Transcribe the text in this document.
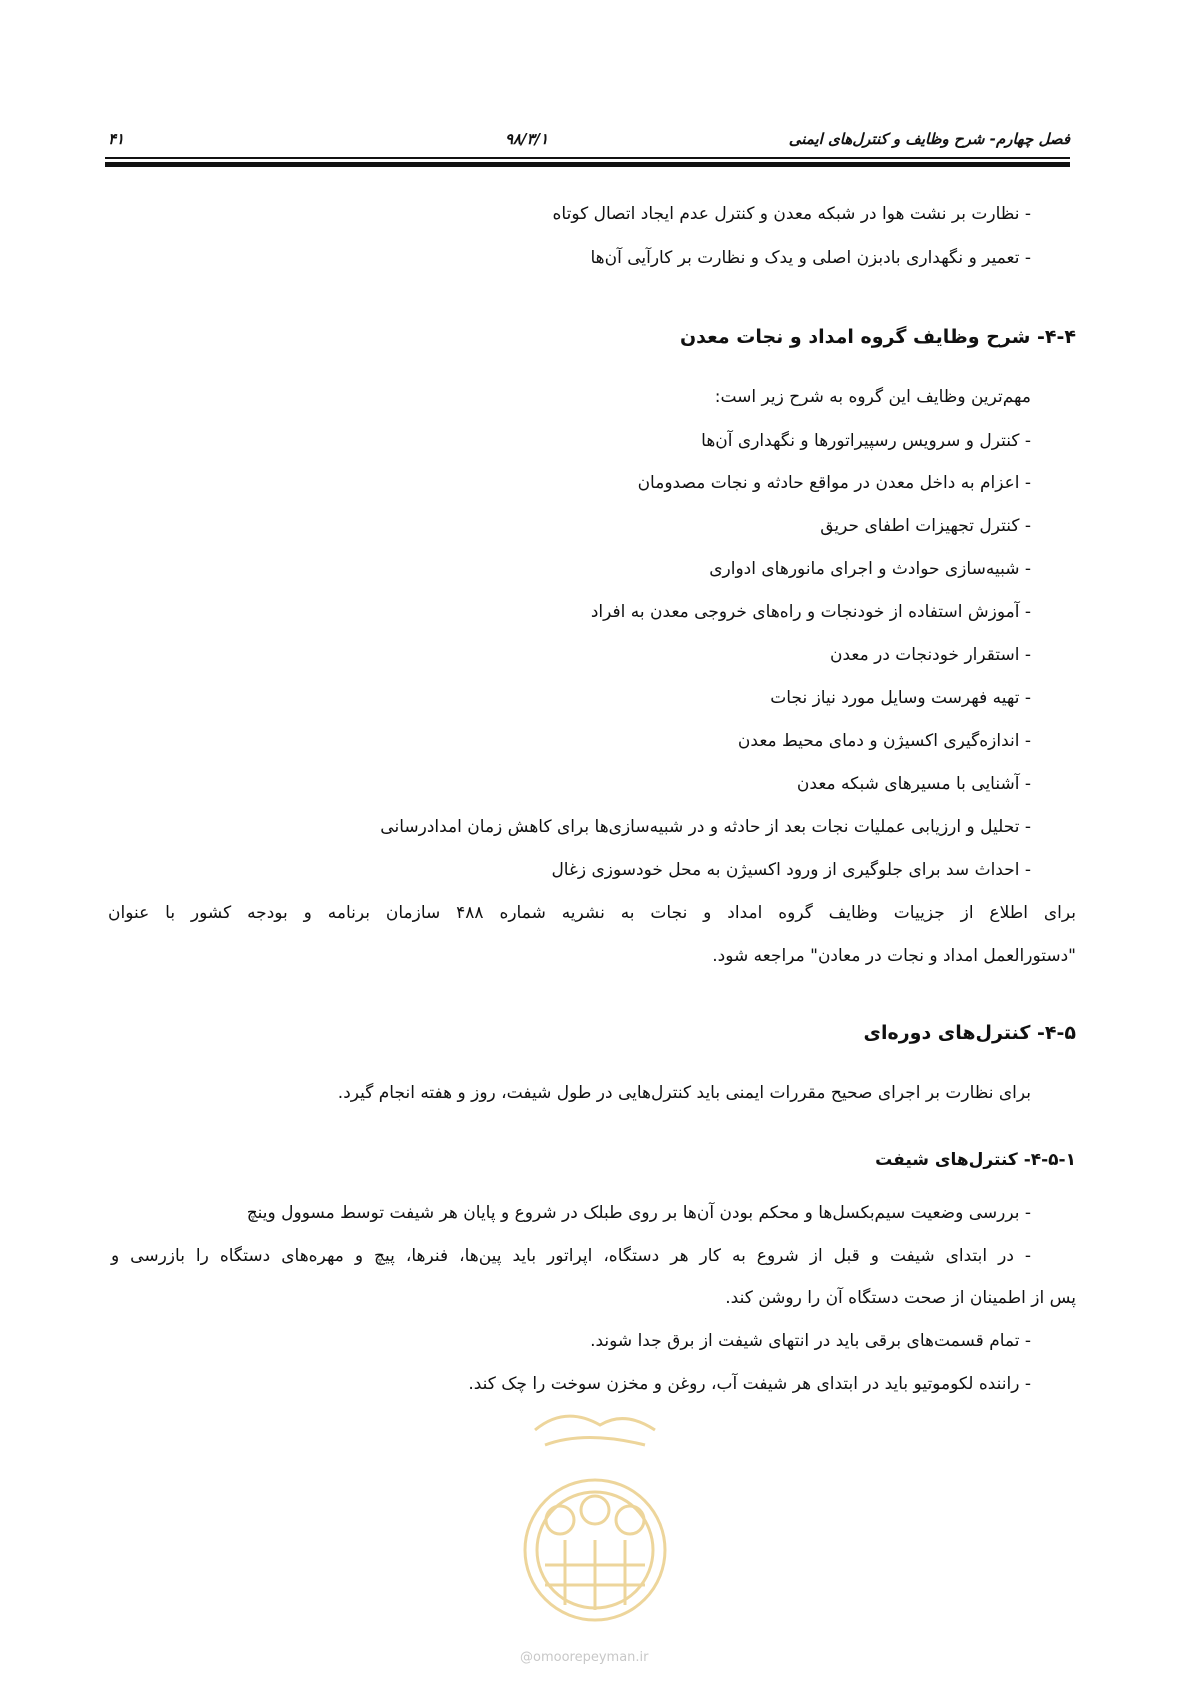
فصل چهارم- شرح وظایف و کنترل‌های ایمنی
۹۸/۳/۱
۴۱
- نظارت بر نشت هوا در شبکه معدن و کنترل عدم ایجاد اتصال کوتاه
- تعمیر و نگهداری بادبزن اصلی و یدک و نظارت بر کارآیی آن‌ها
۴-۴- شرح وظایف گروه امداد و نجات معدن
مهم‌ترین وظایف این گروه به شرح زیر است:
- کنترل و سرویس رسپیراتورها و نگهداری آن‌ها
- اعزام به داخل معدن در مواقع حادثه و نجات مصدومان
- کنترل تجهیزات اطفای حریق
- شبیه‌سازی حوادث و اجرای مانورهای ادواری
- آموزش استفاده از خودنجات و راه‌های خروجی معدن به افراد
- استقرار خودنجات در معدن
- تهیه فهرست وسایل مورد نیاز نجات
- اندازه‌گیری اکسیژن و دمای محیط معدن
- آشنایی با مسیرهای شبکه معدن
- تحلیل و ارزیابی عملیات نجات بعد از حادثه و در شبیه‌سازی‌ها برای کاهش زمان امدادرسانی
- احداث سد برای جلوگیری از ورود اکسیژن به محل خودسوزی زغال
برای اطلاع از جزییات وظایف گروه امداد و نجات به نشریه شماره ۴۸۸ سازمان برنامه و بودجه کشور با عنوان
"دستورالعمل امداد و نجات در معادن" مراجعه شود.
۴-۵- کنترل‌های دوره‌ای
برای نظارت بر اجرای صحیح مقررات ایمنی باید کنترل‌هایی در طول شیفت، روز و هفته انجام گیرد.
۴-۵-۱- کنترل‌های شیفت
- بررسی وضعیت سیم‌بکسل‌ها و محکم بودن آن‌ها بر روی طبلک در شروع و پایان هر شیفت توسط مسوول وینچ
- در ابتدای شیفت و قبل از شروع به کار هر دستگاه، اپراتور باید پین‌ها، فنرها، پیچ و مهره‌های دستگاه را بازرسی و
پس از اطمینان از صحت دستگاه آن را روشن کند.
- تمام قسمت‌های برقی باید در انتهای شیفت از برق جدا شوند.
- راننده لکوموتیو باید در ابتدای هر شیفت آب، روغن و مخزن سوخت را چک کند.
@omoorepeyman.ir
